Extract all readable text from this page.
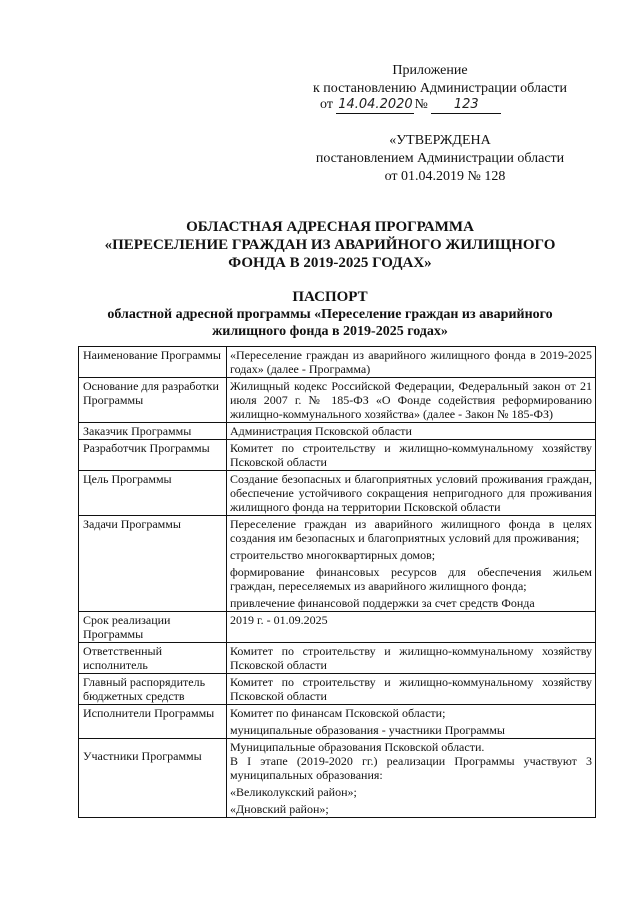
Приложение
к постановлению Администрации области
от 14.04.2020 № 123
«УТВЕРЖДЕНА
постановлением Администрации области
от 01.04.2019 № 128
ОБЛАСТНАЯ АДРЕСНАЯ ПРОГРАММА
«ПЕРЕСЕЛЕНИЕ ГРАЖДАН ИЗ АВАРИЙНОГО ЖИЛИЩНОГО
ФОНДА В 2019-2025 ГОДАХ»
ПАСПОРТ
областной адресной программы «Переселение граждан из аварийного
жилищного фонда в 2019-2025 годах»
Наименование Программы	«Переселение граждан из аварийного жилищного фонда в 2019-2025 годах» (далее - Программа)

Основание для разработки Программы	Жилищный кодекс Российской Федерации, Федеральный закон от 21 июля 2007 г. № 185-ФЗ «О Фонде содействия реформированию жилищно-коммунального хозяйства» (далее - Закон № 185-ФЗ)

Заказчик Программы	Администрация Псковской области

Разработчик Программы	Комитет по строительству и жилищно-коммунальному хозяйству Псковской области

Цель Программы	Создание безопасных и благоприятных условий проживания граждан, обеспечение устойчивого сокращения непригодного для проживания жилищного фонда на территории Псковской области

Задачи Программы	Переселение граждан из аварийного жилищного фонда в целях создания им безопасных и благоприятных условий для проживания;
строительство многоквартирных домов;
формирование финансовых ресурсов для обеспечения жильем граждан, переселяемых из аварийного жилищного фонда;
привлечение финансовой поддержки за счет средств Фонда

Срок реализации Программы	2019 г. - 01.09.2025

Ответственный исполнитель	Комитет по строительству и жилищно-коммунальному хозяйству Псковской области

Главный распорядитель бюджетных средств	Комитет по строительству и жилищно-коммунальному хозяйству Псковской области

Исполнители Программы	Комитет по финансам Псковской области;
муниципальные образования - участники Программы

Участники Программы	Муниципальные образования Псковской области.
В I этапе (2019-2020 гг.) реализации Программы участвуют 3 муниципальных образования:
«Великолукский район»;
«Дновский район»;
